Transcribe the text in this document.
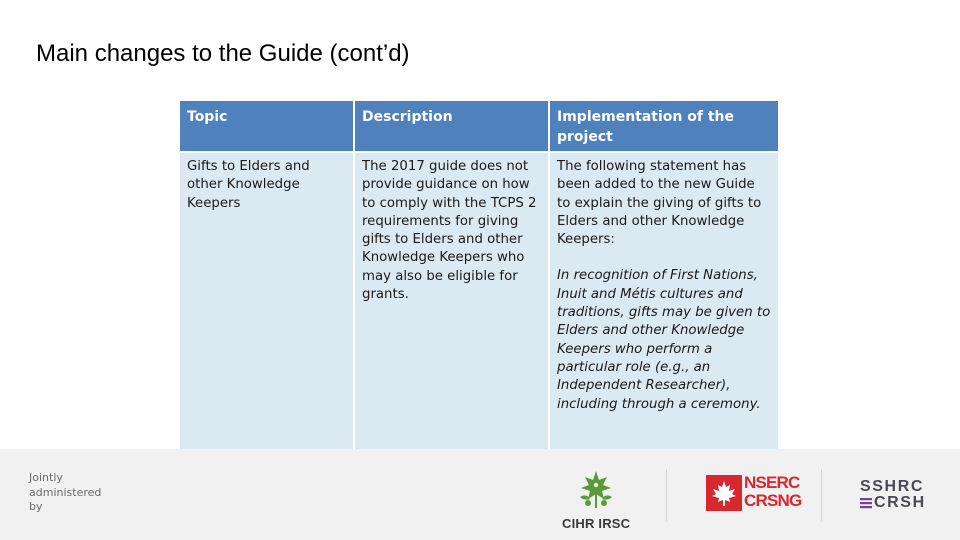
Main changes to the Guide (cont’d)
Topic	Description	Implementation of the project

Gifts to Elders and other Knowledge Keepers	The 2017 guide does not provide guidance on how to comply with the TCPS 2 requirements for giving gifts to Elders and other Knowledge Keepers who may also be eligible for grants.	The following statement has been added to the new Guide to explain the giving of gifts to Elders and other Knowledge Keepers:
In recognition of First Nations, Inuit and Métis cultures and traditions, gifts may be given to Elders and other Knowledge Keepers who perform a particular role (e.g., an Independent Researcher), including through a ceremony.
Jointly
administered
by
CIHR IRSC
NSERC
CRSNG
SSHRC
CRSH
